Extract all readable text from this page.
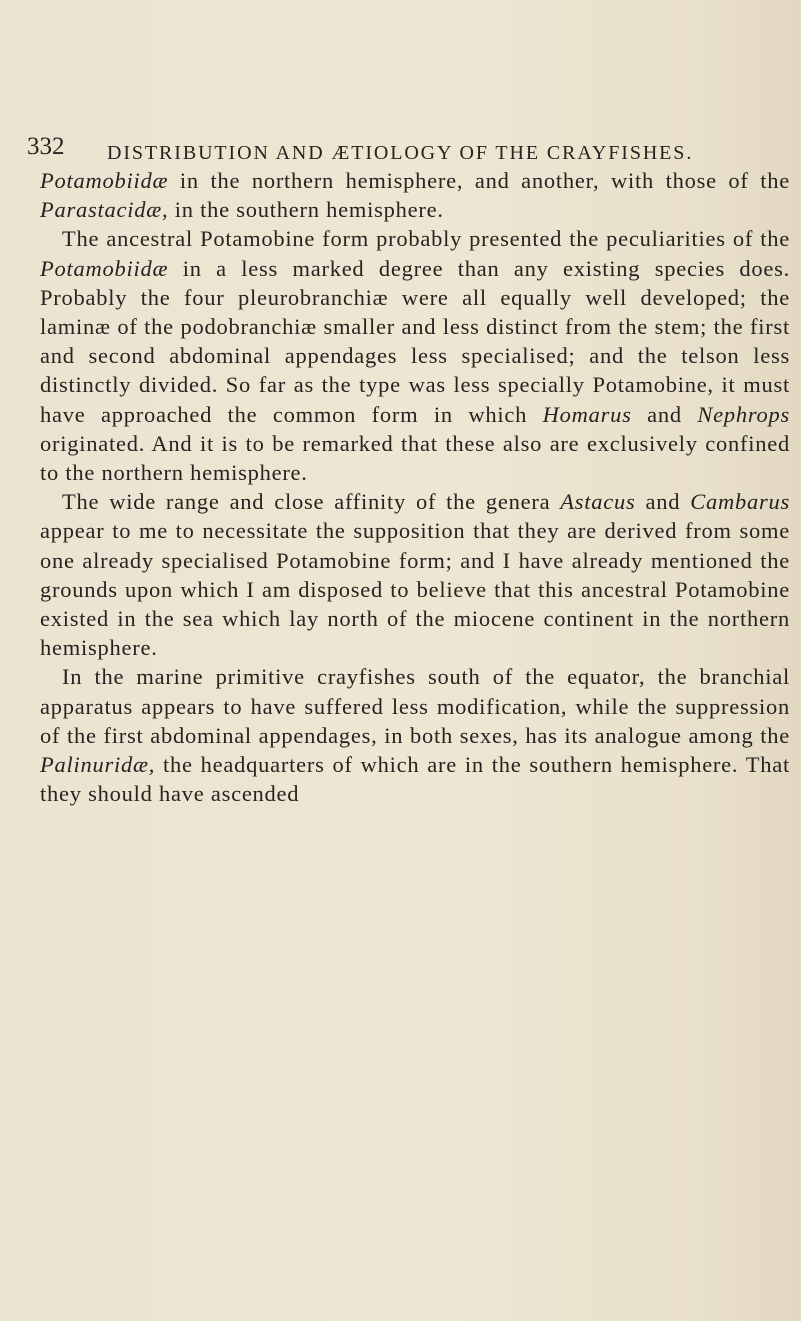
332 DISTRIBUTION AND ÆTIOLOGY OF THE CRAYFISHES.

Potamobiidæ in the northern hemisphere, and another, with those of the Parastacidæ, in the southern hemisphere.

The ancestral Potamobine form probably presented the peculiarities of the Potamobiidæ in a less marked degree than any existing species does. Probably the four pleurobranchiæ were all equally well developed; the laminæ of the podobranchiæ smaller and less distinct from the stem; the first and second abdominal appendages less specialised; and the telson less distinctly divided. So far as the type was less specially Potamobine, it must have approached the common form in which Homarus and Nephrops originated. And it is to be remarked that these also are exclusively confined to the northern hemisphere.

The wide range and close affinity of the genera Astacus and Cambarus appear to me to necessitate the supposition that they are derived from some one already specialised Potamobine form; and I have already mentioned the grounds upon which I am disposed to believe that this ancestral Potamobine existed in the sea which lay north of the miocene continent in the northern hemisphere.

In the marine primitive crayfishes south of the equator, the branchial apparatus appears to have suffered less modification, while the suppression of the first abdominal appendages, in both sexes, has its analogue among the Palinuridæ, the headquarters of which are in the southern hemisphere. That they should have ascended
